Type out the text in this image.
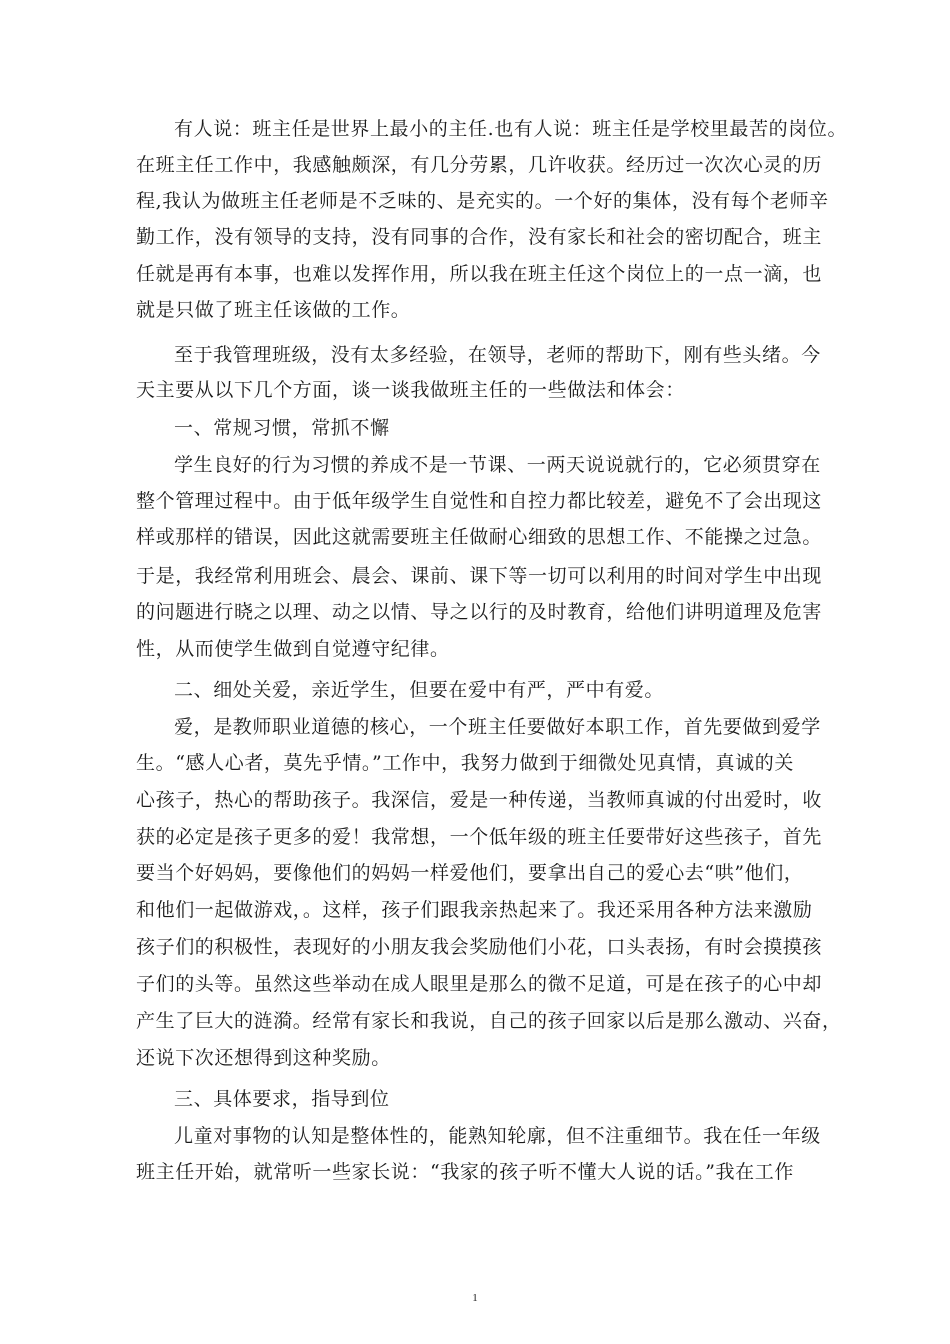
有人说：班主任是世界上最小的主任.也有人说：班主任是学校里最苦的岗位。
在班主任工作中，我感触颇深，有几分劳累，几许收获。经历过一次次心灵的历
程,我认为做班主任老师是不乏味的、是充实的。一个好的集体，没有每个老师辛
勤工作，没有领导的支持，没有同事的合作，没有家长和社会的密切配合，班主
任就是再有本事，也难以发挥作用，所以我在班主任这个岗位上的一点一滴，也
就是只做了班主任该做的工作。
至于我管理班级，没有太多经验，在领导，老师的帮助下，刚有些头绪。今
天主要从以下几个方面，谈一谈我做班主任的一些做法和体会：
一、常规习惯，常抓不懈
学生良好的行为习惯的养成不是一节课、一两天说说就行的，它必须贯穿在
整个管理过程中。由于低年级学生自觉性和自控力都比较差，避免不了会出现这
样或那样的错误，因此这就需要班主任做耐心细致的思想工作、不能操之过急。
于是，我经常利用班会、晨会、课前、课下等一切可以利用的时间对学生中出现
的问题进行晓之以理、动之以情、导之以行的及时教育，给他们讲明道理及危害
性，从而使学生做到自觉遵守纪律。
二、细处关爱，亲近学生，但要在爱中有严，严中有爱。
爱，是教师职业道德的核心，一个班主任要做好本职工作，首先要做到爱学
生。“感人心者，莫先乎情。”工作中，我努力做到于细微处见真情，真诚的关
心孩子，热心的帮助孩子。我深信，爱是一种传递，当教师真诚的付出爱时，收
获的必定是孩子更多的爱！我常想，一个低年级的班主任要带好这些孩子，首先
要当个好妈妈，要像他们的妈妈一样爱他们，要拿出自己的爱心去“哄”他们，
和他们一起做游戏，。这样，孩子们跟我亲热起来了。我还采用各种方法来激励
孩子们的积极性，表现好的小朋友我会奖励他们小花，口头表扬，有时会摸摸孩
子们的头等。虽然这些举动在成人眼里是那么的微不足道，可是在孩子的心中却
产生了巨大的涟漪。经常有家长和我说，自己的孩子回家以后是那么激动、兴奋，
还说下次还想得到这种奖励。
三、具体要求，指导到位
儿童对事物的认知是整体性的，能熟知轮廓，但不注重细节。我在任一年级
班主任开始，就常听一些家长说：“我家的孩子听不懂大人说的话。”我在工作
1
